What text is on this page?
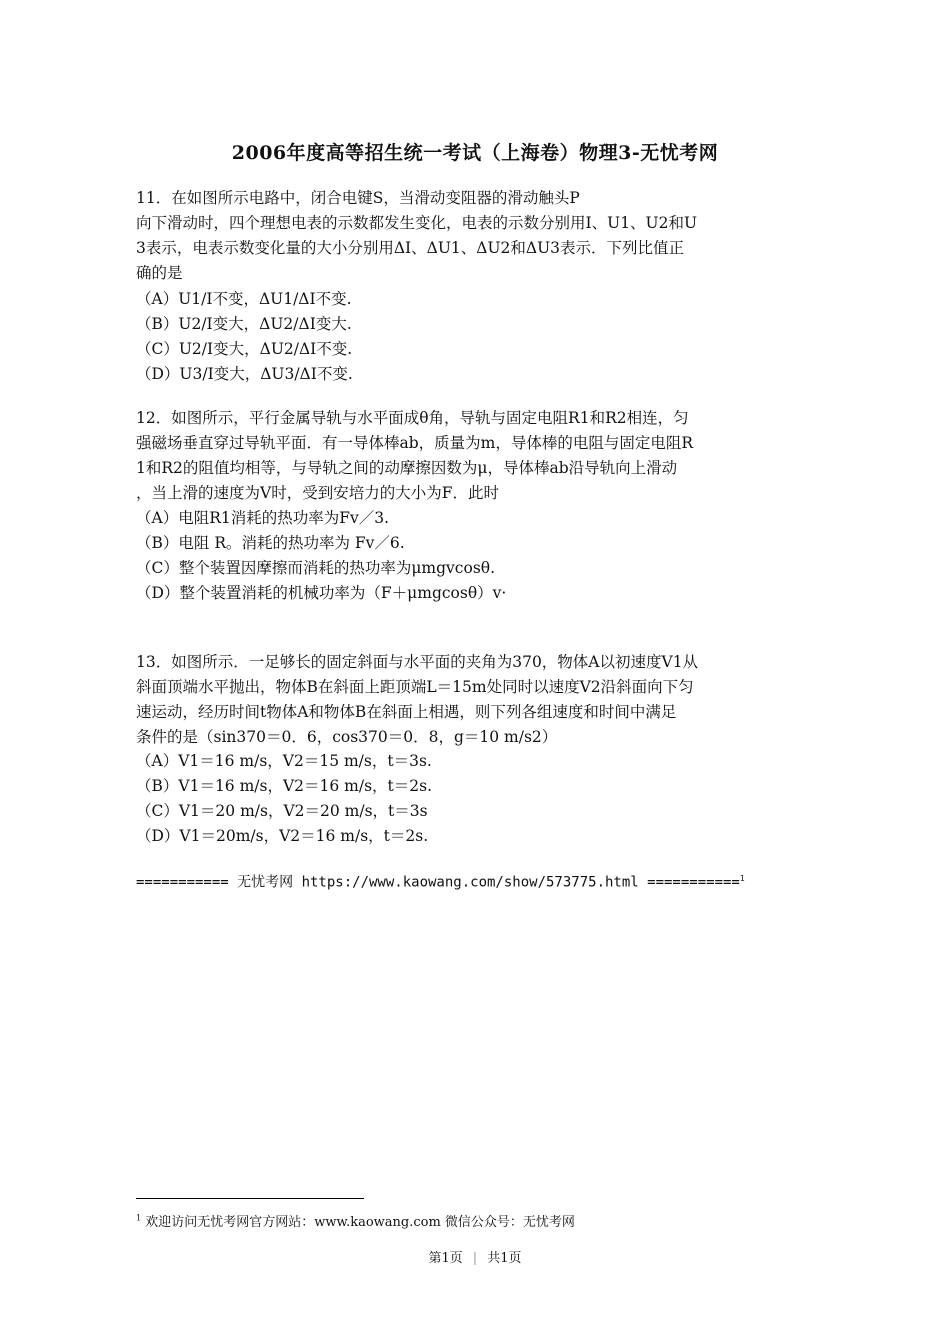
2006年度高等招生统一考试（上海卷）物理3-无忧考网
11．在如图所示电路中，闭合电键S，当滑动变阻器的滑动触头P
向下滑动时，四个理想电表的示数都发生变化，电表的示数分别用I、U1、U2和U
3表示，电表示数变化量的大小分别用ΔI、ΔU1、ΔU2和ΔU3表示．下列比值正
确的是
（A）U1/I不变，ΔU1/ΔI不变.
（B）U2/I变大，ΔU2/ΔI变大.
（C）U2/I变大，ΔU2/ΔI不变.
（D）U3/I变大，ΔU3/ΔI不变.
12．如图所示，平行金属导轨与水平面成θ角，导轨与固定电阻R1和R2相连，匀
强磁场垂直穿过导轨平面．有一导体棒ab，质量为m，导体棒的电阻与固定电阻R
1和R2的阻值均相等，与导轨之间的动摩擦因数为μ，导体棒ab沿导轨向上滑动
，当上滑的速度为V时，受到安培力的大小为F．此时
（A）电阻R1消耗的热功率为Fv／3.
（B）电阻 R。消耗的热功率为 Fv／6.
（C）整个装置因摩擦而消耗的热功率为μmgvcosθ.
（D）整个装置消耗的机械功率为（F＋μmgcosθ）v·
13．如图所示．一足够长的固定斜面与水平面的夹角为370，物体A以初速度V1从
斜面顶端水平抛出，物体B在斜面上距顶端L＝15m处同时以速度V2沿斜面向下匀
速运动，经历时间t物体A和物体B在斜面上相遇，则下列各组速度和时间中满足
条件的是（sin370＝0．6，cos370＝0．8，g＝10 m/s2）
（A）V1＝16 m/s，V2＝15 m/s，t＝3s.
（B）V1＝16 m/s，V2＝16 m/s，t＝2s.
（C）V1＝20 m/s，V2＝20 m/s，t＝3s
（D）V1＝20m/s，V2＝16 m/s，t＝2s.
=========== 无忧考网 https://www.kaowang.com/show/573775.html ===========$^1$
$^1$ 欢迎访问无忧考网官方网站：www.kaowang.com 微信公众号：无忧考网
第1页 | 共1页
